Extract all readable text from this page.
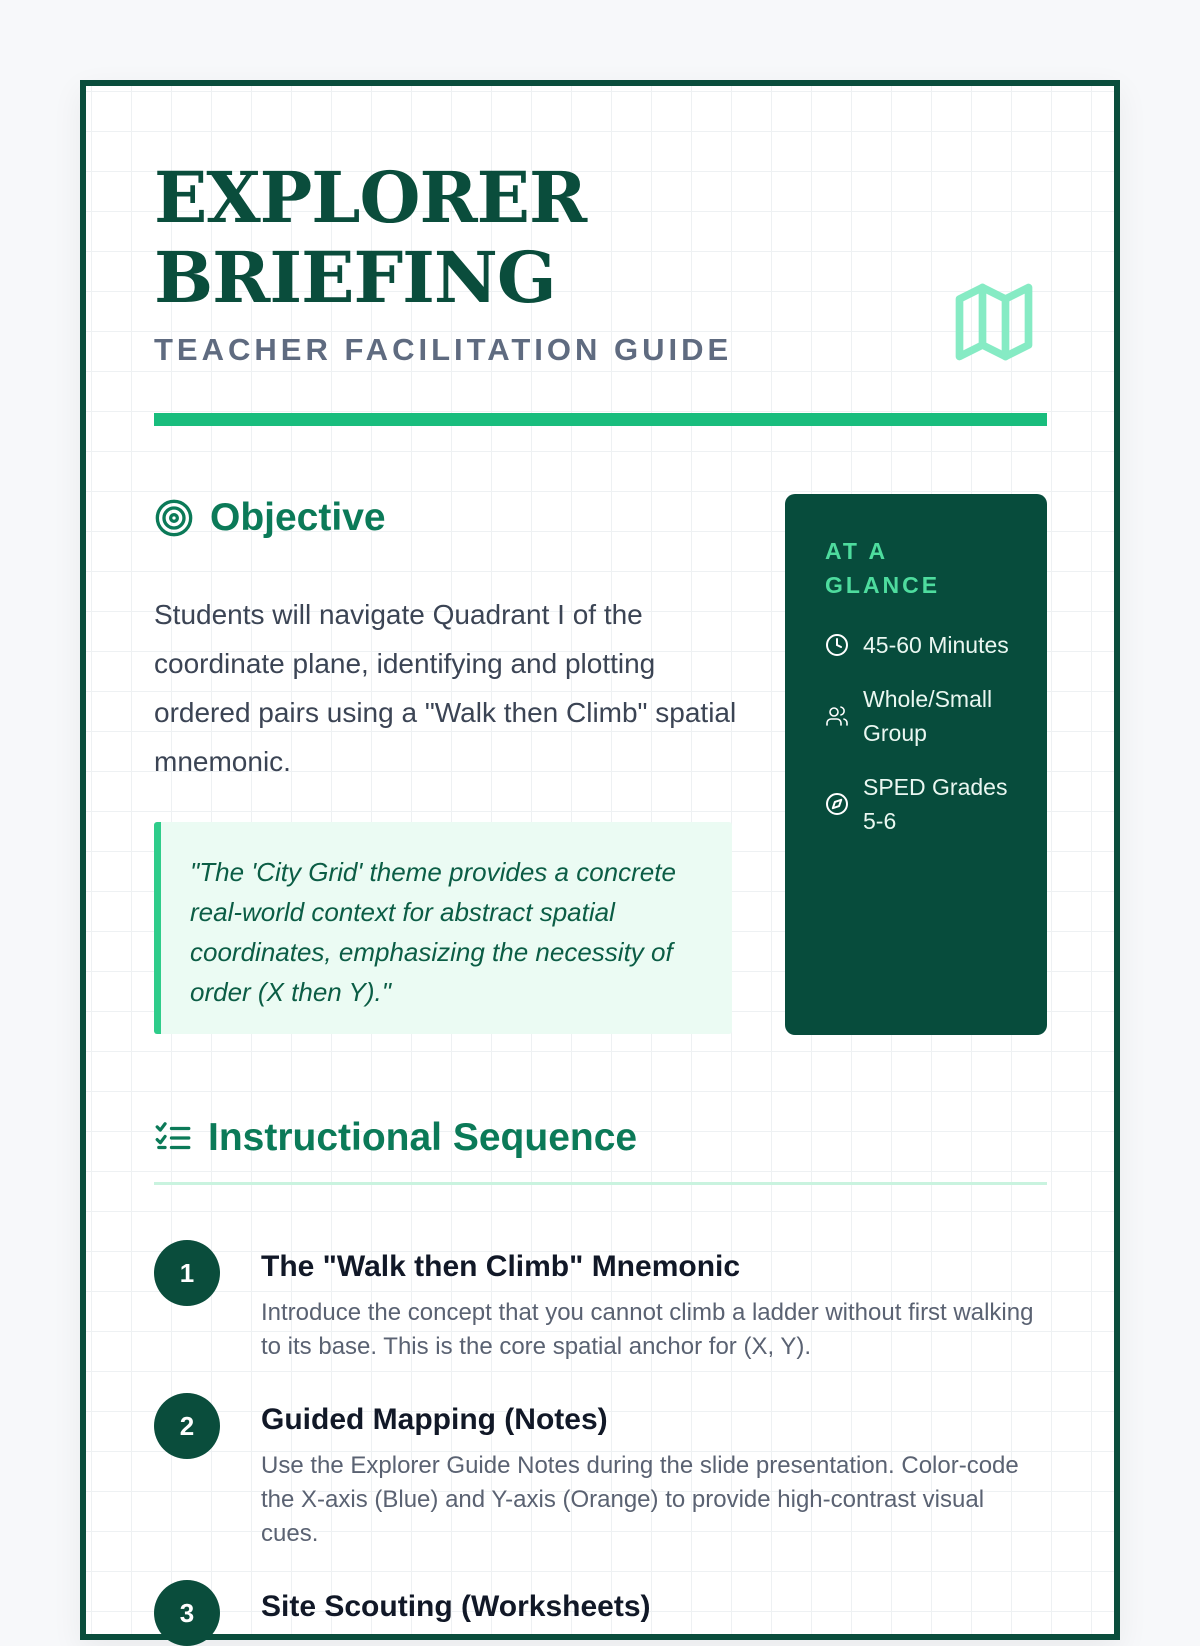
EXPLORER
BRIEFING
TEACHER FACILITATION GUIDE
Objective

Students will navigate Quadrant I of the coordinate plane, identifying and plotting ordered pairs using a "Walk then Climb" spatial mnemonic.

"The 'City Grid' theme provides a concrete real-world context for abstract spatial coordinates, emphasizing the necessity of order (X then Y)."

AT A GLANCE
45-60 Minutes
Whole/Small Group
SPED Grades 5-6
Instructional Sequence
1	The "Walk then Climb" Mnemonic

Introduce the concept that you cannot climb a ladder without first walking to its base. This is the core spatial anchor for (X, Y).

2	Guided Mapping (Notes)

Use the Explorer Guide Notes during the slide presentation. Color-code the X-axis (Blue) and Y-axis (Orange) to provide high-contrast visual cues.

3	Site Scouting (Worksheets)
